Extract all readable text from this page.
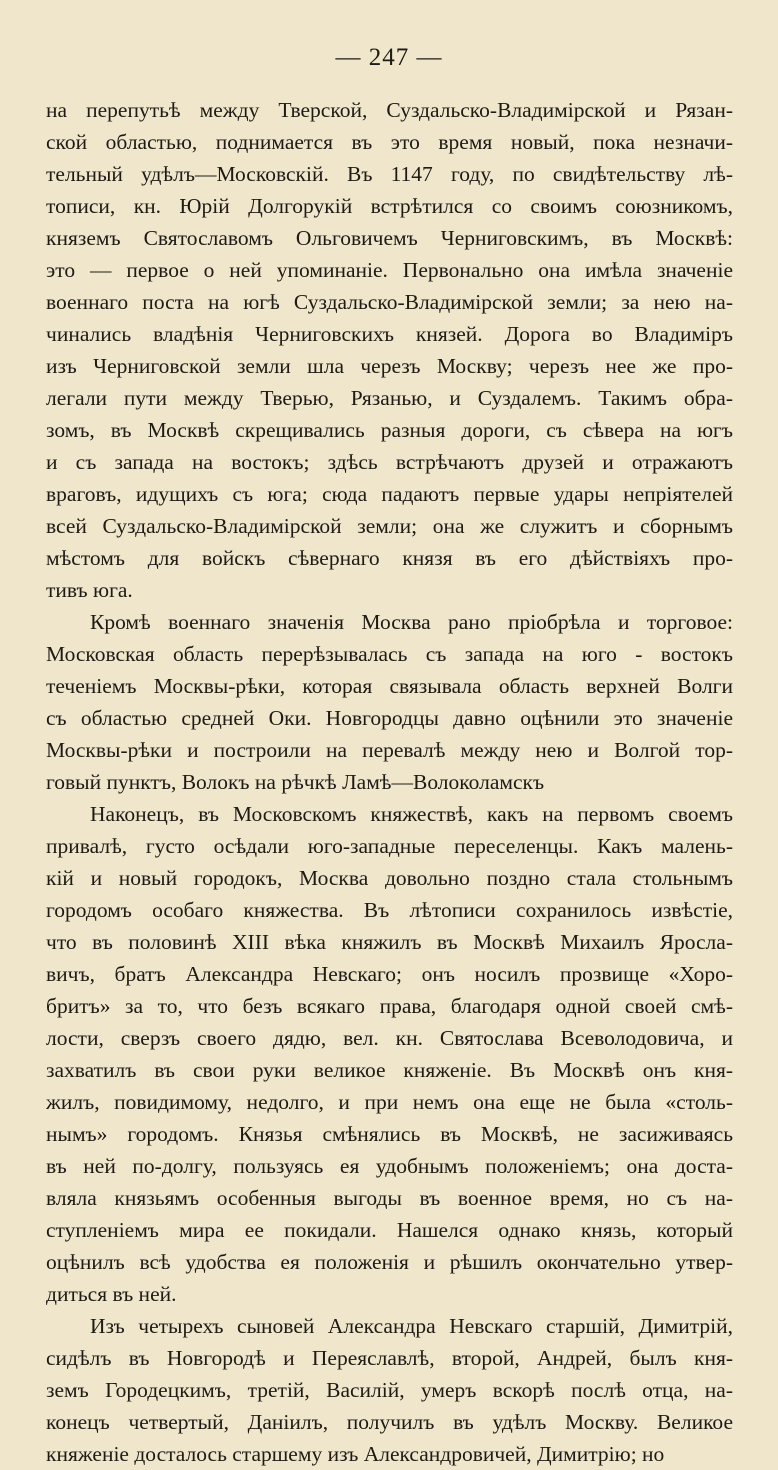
— 247 —
на перепутьѣ между Тверской, Суздальско-Владимірской и Рязан-
ской областью, поднимается въ это время новый, пока незначи-
тельный удѣлъ—Московскій. Въ 1147 году, по свидѣтельству лѣ-
тописи, кн. Юрій Долгорукій встрѣтился со своимъ союзникомъ,
княземъ Святославомъ Ольговичемъ Черниговскимъ, въ Москвѣ:
это — первое о ней упоминаніе. Первонально она имѣла значеніе
военнаго поста на югѣ Суздальско-Владимірской земли; за нею на-
чинались владѣнія Черниговскихъ князей. Дорога во Владиміръ
изъ Черниговской земли шла черезъ Москву; черезъ нее же про-
легали пути между Тверью, Рязанью, и Суздалемъ. Такимъ обра-
зомъ, въ Москвѣ скрещивались разныя дороги, съ сѣвера на югъ
и съ запада на востокъ; здѣсь встрѣчаютъ друзей и отражаютъ
враговъ, идущихъ съ юга; сюда падаютъ первые удары непріятелей
всей Суздальско-Владимірской земли; она же служитъ и сборнымъ
мѣстомъ для войскъ сѣвернаго князя въ его дѣйствіяхъ про-
тивъ юга.
Кромѣ военнаго значенія Москва рано пріобрѣла и торговое:
Московская область перерѣзывалась съ запада на юго - востокъ
теченіемъ Москвы-рѣки, которая связывала область верхней Волги
съ областью средней Оки. Новгородцы давно оцѣнили это значеніе
Москвы-рѣки и построили на перевалѣ между нею и Волгой тор-
говый пунктъ, Волокъ на рѣчкѣ Ламѣ—Волоколамскъ
Наконецъ, въ Московскомъ княжествѣ, какъ на первомъ своемъ
привалѣ, густо осѣдали юго-западные переселенцы. Какъ малень-
кій и новый городокъ, Москва довольно поздно стала стольнымъ
городомъ особаго княжества. Въ лѣтописи сохранилось извѣстіе,
что въ половинѣ XIII вѣка княжилъ въ Москвѣ Михаилъ Яросла-
вичъ, братъ Александра Невскаго; онъ носилъ прозвище «Хоро-
бритъ» за то, что безъ всякаго права, благодаря одной своей смѣ-
лости, сверзъ своего дядю, вел. кн. Святослава Всеволодовича, и
захватилъ въ свои руки великое княженіе. Въ Москвѣ онъ кня-
жилъ, повидимому, недолго, и при немъ она еще не была «столь-
нымъ» городомъ. Князья смѣнялись въ Москвѣ, не засиживаясь
въ ней по-долгу, пользуясь ея удобнымъ положеніемъ; она доста-
вляла князьямъ особенныя выгоды въ военное время, но съ на-
ступленіемъ мира ее покидали. Нашелся однако князь, который
оцѣнилъ всѣ удобства ея положенія и рѣшилъ окончательно утвер-
диться въ ней.
Изъ четырехъ сыновей Александра Невскаго старшій, Димитрій,
сидѣлъ въ Новгородѣ и Переяславлѣ, второй, Андрей, былъ кня-
земъ Городецкимъ, третій, Василій, умеръ вскорѣ послѣ отца, на-
конецъ четвертый, Даніилъ, получилъ въ удѣлъ Москву. Великое
княженіе досталось старшему изъ Александровичей, Димитрію; но
